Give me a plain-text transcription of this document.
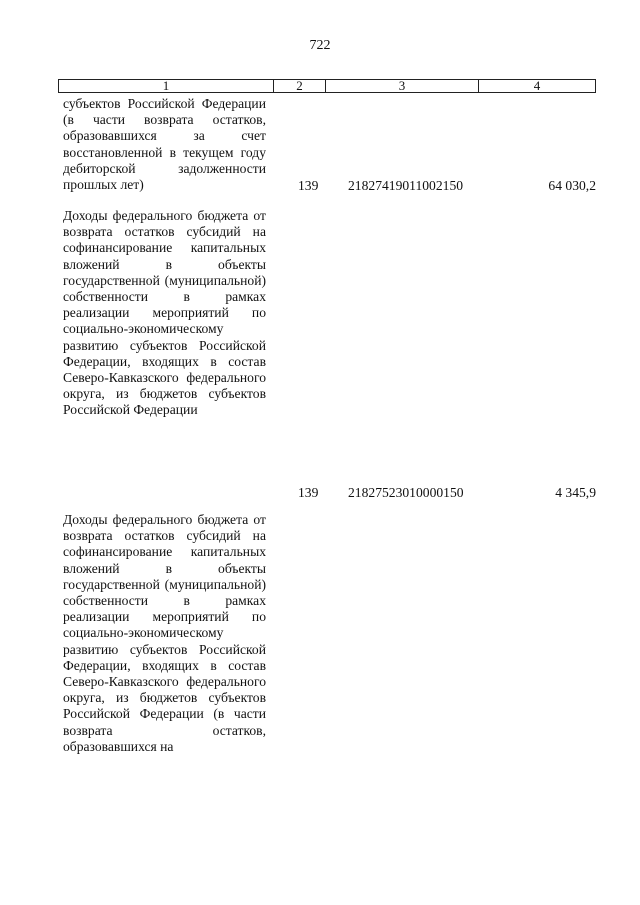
722
1	2	3	4
субъектов Российской Федерации (в части возврата остатков, образовавшихся за счет восстановленной в текущем году дебиторской задолженности прошлых лет)	139 21827419011002150	64 030,2
Доходы федерального бюджета от возврата остатков субсидий на софинансирование капитальных вложений в объекты государственной (муниципальной) собственности в рамках реализации мероприятий по социально-экономическому развитию субъектов Российской Федерации, входящих в состав Северо-Кавказского федерального округа, из бюджетов субъектов Российской Федерации
139 21827523010000150	4 345,9
Доходы федерального бюджета от возврата остатков субсидий на софинансирование капитальных вложений в объекты государственной (муниципальной) собственности в рамках реализации мероприятий по социально-экономическому развитию субъектов Российской Федерации, входящих в состав Северо-Кавказского федерального округа, из бюджетов субъектов Российской Федерации (в части возврата остатков, образовавшихся на
